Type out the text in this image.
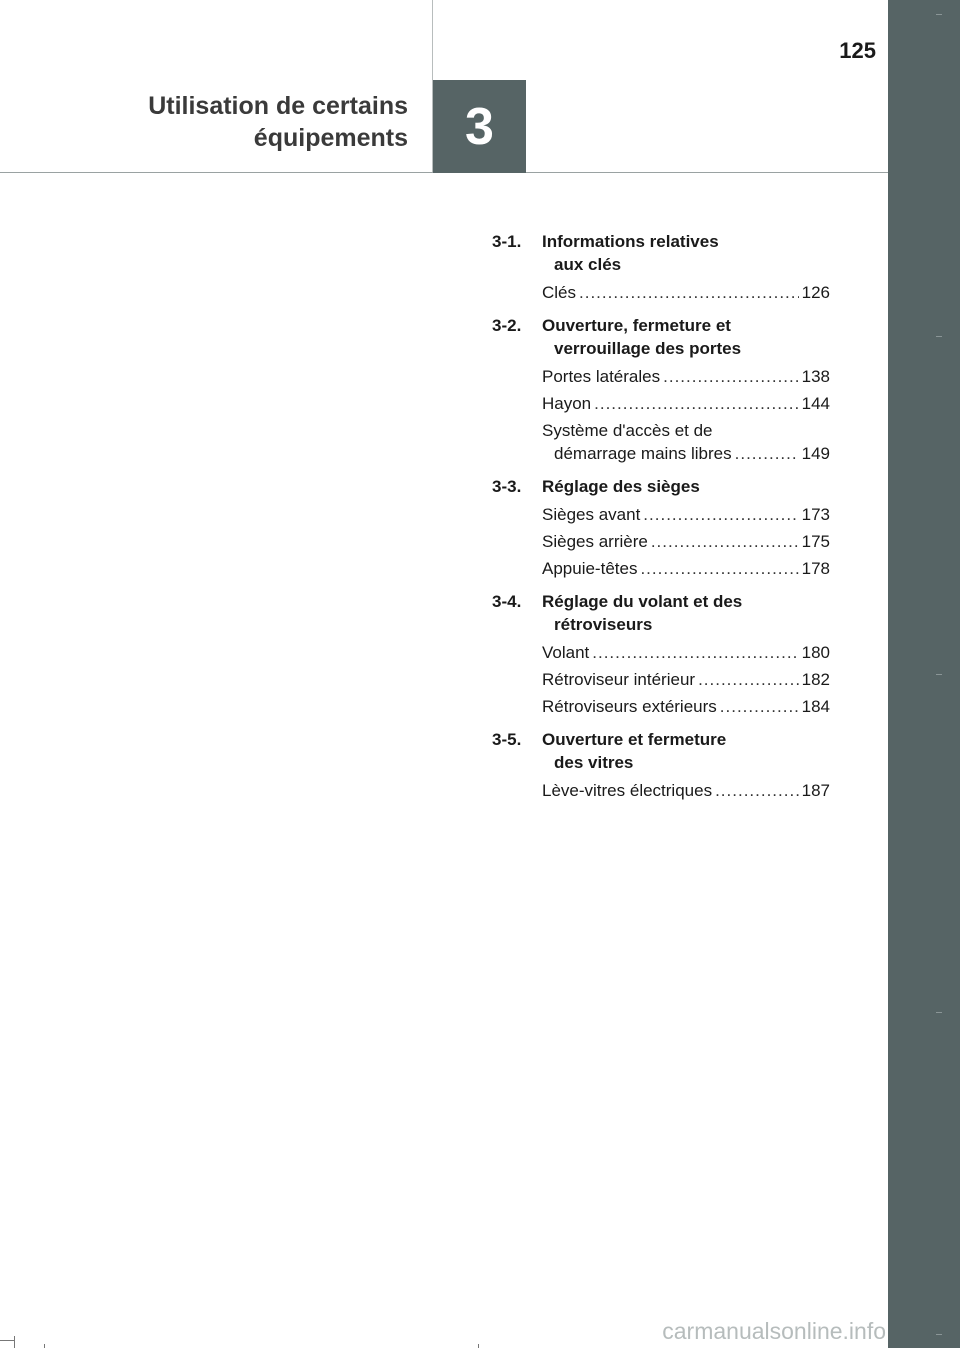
125
Utilisation de certains
équipements 3
3-1. Informations relatives
aux clés
Clés .....	126
3-2. Ouverture, fermeture et
verrouillage des portes
Portes latérales .....	138
Hayon .....	144
Système d'accès et de
démarrage mains libres .....	149
3-3. Réglage des sièges
Sièges avant .....	173
Sièges arrière .....	175
Appuie-têtes .....	178
3-4. Réglage du volant et des
rétroviseurs
Volant .....	180
Rétroviseur intérieur .....	182
Rétroviseurs extérieurs .....	184
3-5. Ouverture et fermeture
des vitres
Lève-vitres électriques .....	187
carmanualsonline.info
